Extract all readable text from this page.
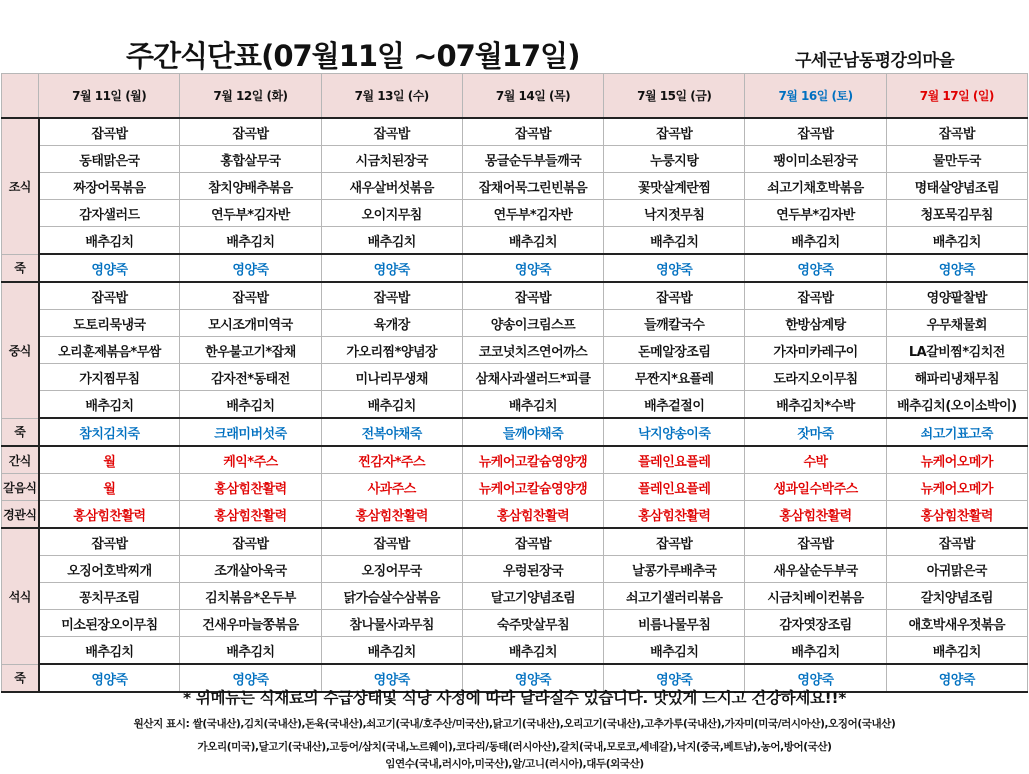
주간식단표(07월11일 ~07월17일)	구세군남동평강의마을
	7월 11일 (월)	7월 12일 (화)	7월 13일 (수)	7월 14일 (목)	7월 15일 (금)	7월 16일 (토)	7월 17일 (일)
조식	잡곡밥	잡곡밥	잡곡밥	잡곡밥	잡곡밥	잡곡밥	잡곡밥
	동태맑은국	홍합살무국	시금치된장국	몽글순두부들깨국	누룽지탕	팽이미소된장국	물만두국
	짜장어묵볶음	참치양배추볶음	새우살버섯볶음	잡채어묵그린빈볶음	꽃맛살계란찜	쇠고기채호박볶음	명태살양념조림
	감자샐러드	연두부*김자반	오이지무침	연두부*김자반	낙지젓무침	연두부*김자반	청포묵김무침
	배추김치	배추김치	배추김치	배추김치	배추김치	배추김치	배추김치
죽	영양죽	영양죽	영양죽	영양죽	영양죽	영양죽	영양죽
중식	잡곡밥	잡곡밥	잡곡밥	잡곡밥	잡곡밥	잡곡밥	영양팥찰밥
	도토리묵냉국	모시조개미역국	육개장	양송이크림스프	들깨칼국수	한방삼계탕	우무채물회
	오리훈제볶음*무쌈	한우불고기*잡채	가오리찜*양념장	코코넛치즈연어까스	돈메알장조림	가자미카레구이	LA갈비찜*김치전
	가지찜무침	감자전*동태전	미나리무생채	삼채사과샐러드*피클	무짠지*요플레	도라지오이무침	해파리냉채무침
	배추김치	배추김치	배추김치	배추김치	배추겉절이	배추김치*수박	배추김치(오이소박이)
죽	참치김치죽	크래미버섯죽	전복야채죽	들깨야채죽	낙지양송이죽	잣마죽	쇠고기표고죽
간식	월	케익*주스	찐감자*주스	뉴케어고칼슘영양갱	플레인요플레	수박	뉴케어오메가
갈음식	월	홍삼힘찬활력	사과주스	뉴케어고칼슘영양갱	플레인요플레	생과일수박주스	뉴케어오메가
경관식	홍삼힘찬활력	홍삼힘찬활력	홍삼힘찬활력	홍삼힘찬활력	홍삼힘찬활력	홍삼힘찬활력	홍삼힘찬활력
석식	잡곡밥	잡곡밥	잡곡밥	잡곡밥	잡곡밥	잡곡밥	잡곡밥
	오징어호박찌개	조개살아욱국	오징어무국	우렁된장국	날콩가루배추국	새우살순두부국	아귀맑은국
	꽁치무조림	김치볶음*온두부	닭가슴살수삼볶음	달고기양념조림	쇠고기샐러리볶음	시금치베이컨볶음	갈치양념조림
	미소된장오이무침	건새우마늘쫑볶음	참나물사과무침	숙주맛살무침	비름나물무침	감자엿장조림	애호박새우젓볶음
	배추김치	배추김치	배추김치	배추김치	배추김치	배추김치	배추김치
죽	영양죽	영양죽	영양죽	영양죽	영양죽	영양죽	영양죽
* 위메뉴는 식재료의 수급상태및 식당 사정에 따라 달라질수 있습니다. 맛있게 드시고 건강하세요!!*
원산지 표시: 쌀(국내산),김치(국내산),돈육(국내산),쇠고기(국내/호주산/미국산),닭고기(국내산),오리고기(국내산),고추가루(국내산),가자미(미국/러시아산),오징어(국내산)
가오리(미국),달고기(국내산),고등어/삼치(국내,노르웨이),코다리/동태(러시아산),갈치(국내,모로코,세네갈),낙지(중국,베트남),농어,방어(국산)
임연수(국내,러시아,미국산),알/고니(러시아),대두(외국산)
